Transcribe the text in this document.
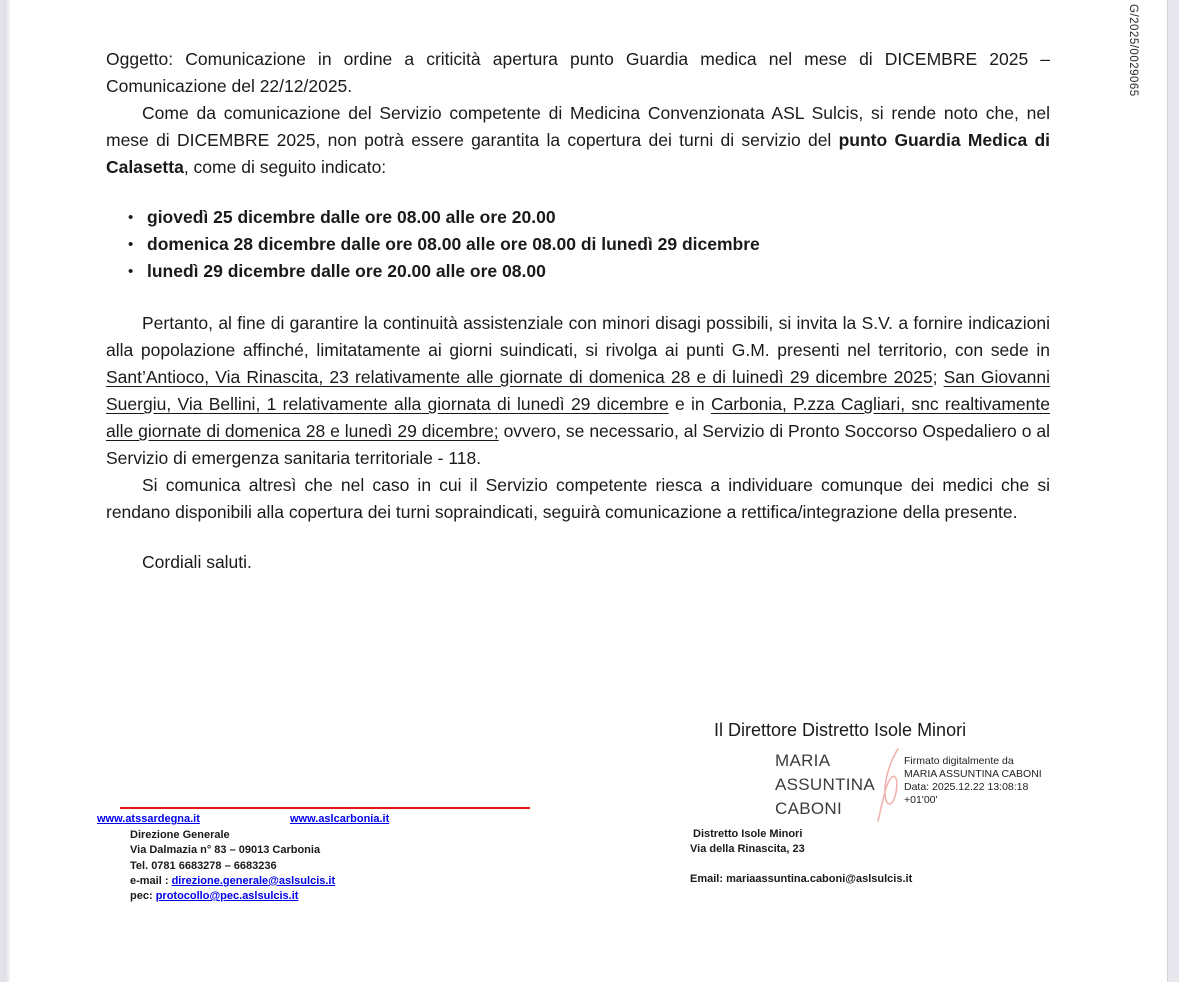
G/2025/0029065

Oggetto: Comunicazione in ordine a criticità apertura punto Guardia medica nel mese di DICEMBRE 2025 – Comunicazione del 22/12/2025.

Come da comunicazione del Servizio competente di Medicina Convenzionata ASL Sulcis, si rende noto che, nel mese di DICEMBRE 2025, non potrà essere garantita la copertura dei turni di servizio del punto Guardia Medica di Calasetta, come di seguito indicato:

• giovedì 25 dicembre dalle ore 08.00 alle ore 20.00
• domenica 28 dicembre dalle ore 08.00 alle ore 08.00 di lunedì 29 dicembre
• lunedì 29 dicembre dalle ore 20.00 alle ore 08.00

Pertanto, al fine di garantire la continuità assistenziale con minori disagi possibili, si invita la S.V. a fornire indicazioni alla popolazione affinché, limitatamente ai giorni suindicati, si rivolga ai punti G.M. presenti nel territorio, con sede in Sant’Antioco, Via Rinascita, 23 relativamente alle giornate di domenica 28 e di luinedì 29 dicembre 2025; San Giovanni Suergiu, Via Bellini, 1 relativamente alla giornata di lunedì 29 dicembre e in Carbonia, P.zza Cagliari, snc realtivamente alle giornate di domenica 28 e lunedì 29 dicembre; ovvero, se necessario, al Servizio di Pronto Soccorso Ospedaliero o al Servizio di emergenza sanitaria territoriale - 118.

Si comunica altresì che nel caso in cui il Servizio competente riesca a individuare comunque dei medici che si rendano disponibili alla copertura dei turni sopraindicati, seguirà comunicazione a rettifica/integrazione della presente.

Cordiali saluti.

Il Direttore Distretto Isole Minori
MARIA
ASSUNTINA
CABONI
Firmato digitalmente da
MARIA ASSUNTINA CABONI
Data: 2025.12.22 13:08:18
+01'00'
www.atssardegna.it	www.aslcarbonia.it
Direzione Generale
Via Dalmazia n° 83 – 09013 Carbonia
Tel. 0781 6683278 – 6683236
e-mail : direzione.generale@aslsulcis.it
pec: protocollo@pec.aslsulcis.it
Distretto Isole Minori
Via della Rinascita, 23
Email: mariaassuntina.caboni@aslsulcis.it
